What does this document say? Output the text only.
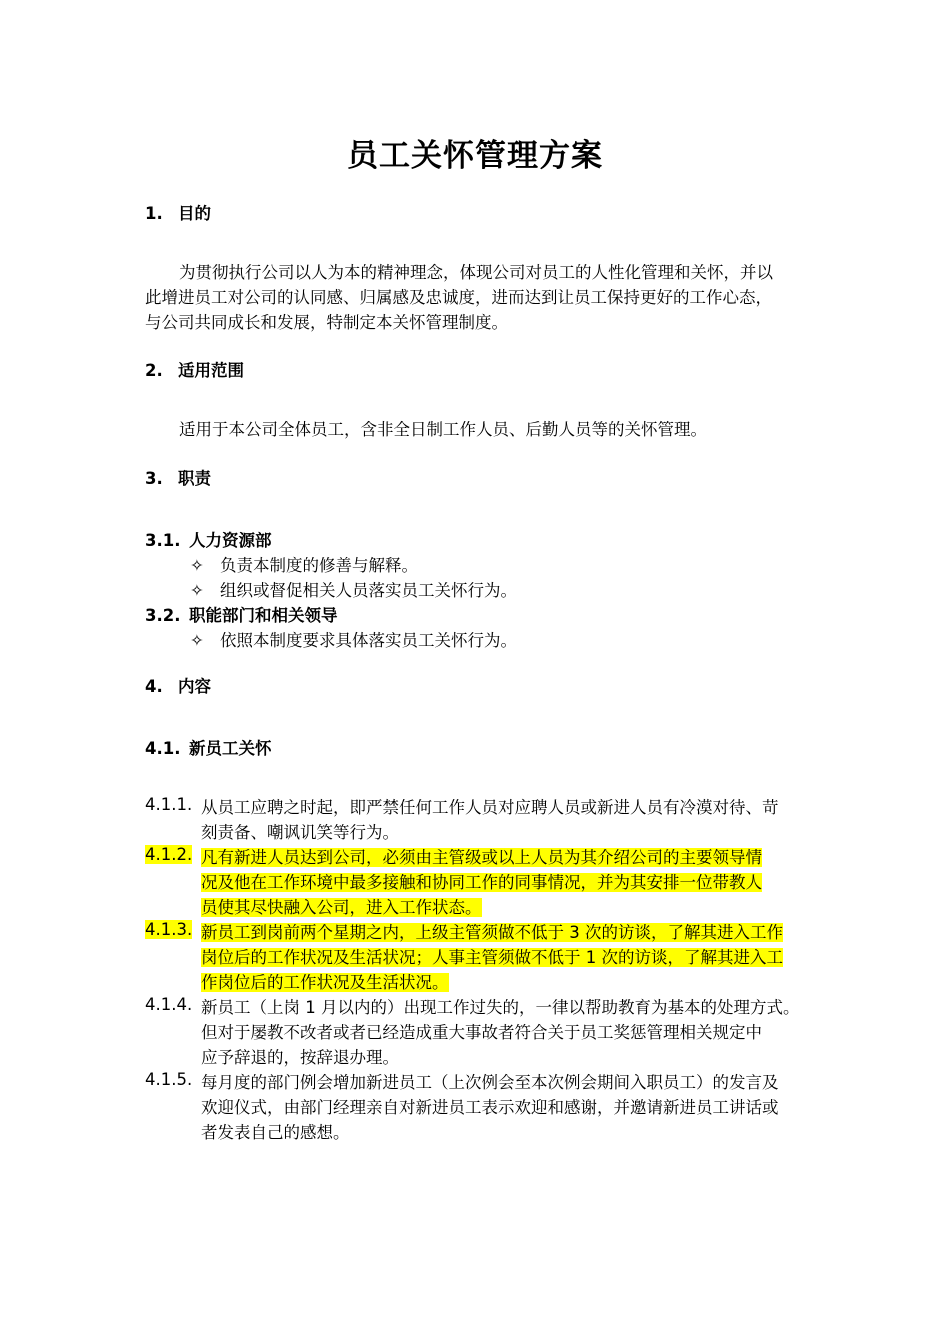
员工关怀管理方案
1. 目的
为贯彻执行公司以人为本的精神理念，体现公司对员工的人性化管理和关怀，并以
此增进员工对公司的认同感、归属感及忠诚度，进而达到让员工保持更好的工作心态，
与公司共同成长和发展，特制定本关怀管理制度。
2. 适用范围
适用于本公司全体员工，含非全日制工作人员、后勤人员等的关怀管理。
3. 职责
3.1. 人力资源部
✧ 负责本制度的修善与解释。
✧ 组织或督促相关人员落实员工关怀行为。
3.2. 职能部门和相关领导
✧ 依照本制度要求具体落实员工关怀行为。
4. 内容
4.1. 新员工关怀
4.1.1. 从员工应聘之时起，即严禁任何工作人员对应聘人员或新进人员有冷漠对待、苛
刻责备、嘲讽讥笑等行为。
4.1.2. 凡有新进人员达到公司，必须由主管级或以上人员为其介绍公司的主要领导情
况及他在工作环境中最多接触和协同工作的同事情况，并为其安排一位带教人
员使其尽快融入公司，进入工作状态。
4.1.3. 新员工到岗前两个星期之内，上级主管须做不低于 3 次的访谈，了解其进入工作
岗位后的工作状况及生活状况；人事主管须做不低于 1 次的访谈，了解其进入工
作岗位后的工作状况及生活状况。
4.1.4. 新员工（上岗 1 月以内的）出现工作过失的，一律以帮助教育为基本的处理方式。
但对于屡教不改者或者已经造成重大事故者符合关于员工奖惩管理相关规定中
应予辞退的，按辞退办理。
4.1.5. 每月度的部门例会增加新进员工（上次例会至本次例会期间入职员工）的发言及
欢迎仪式，由部门经理亲自对新进员工表示欢迎和感谢，并邀请新进员工讲话或
者发表自己的感想。
